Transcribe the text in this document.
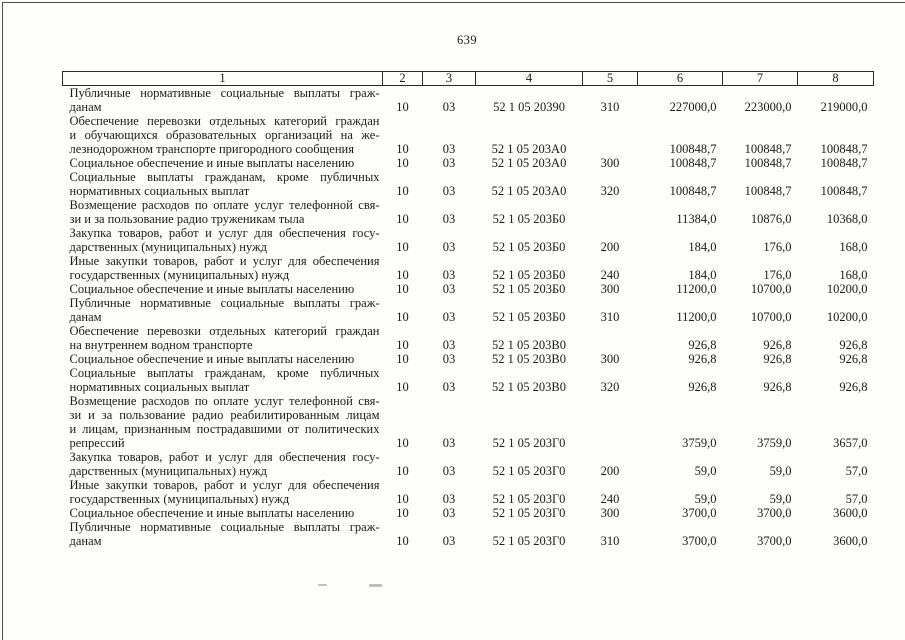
639
1	2	3	4	5	6	7	8

Публичные нормативные социальные выплаты граж-
данам	10	03	52 1 05 20390	310	227000,0	223000,0	219000,0

Обеспечение перевозки отдельных категорий граждан
и обучающихся образовательных организаций на же-
лезнодорожном транспорте пригородного сообщения	10	03	52 1 05 203А0		100848,7	100848,7	100848,7

Социальное обеспечение и иные выплаты населению	10	03	52 1 05 203А0	300	100848,7	100848,7	100848,7

Социальные выплаты гражданам, кроме публичных
нормативных социальных выплат	10	03	52 1 05 203А0	320	100848,7	100848,7	100848,7

Возмещение расходов по оплате услуг телефонной свя-
зи и за пользование радио труженикам тыла	10	03	52 1 05 203Б0		11384,0	10876,0	10368,0

Закупка товаров, работ и услуг для обеспечения госу-
дарственных (муниципальных) нужд	10	03	52 1 05 203Б0	200	184,0	176,0	168,0

Иные закупки товаров, работ и услуг для обеспечения
государственных (муниципальных) нужд	10	03	52 1 05 203Б0	240	184,0	176,0	168,0

Социальное обеспечение и иные выплаты населению	10	03	52 1 05 203Б0	300	11200,0	10700,0	10200,0

Публичные нормативные социальные выплаты граж-
данам	10	03	52 1 05 203Б0	310	11200,0	10700,0	10200,0

Обеспечение перевозки отдельных категорий граждан
на внутреннем водном транспорте	10	03	52 1 05 203В0		926,8	926,8	926,8

Социальное обеспечение и иные выплаты населению	10	03	52 1 05 203В0	300	926,8	926,8	926,8

Социальные выплаты гражданам, кроме публичных
нормативных социальных выплат	10	03	52 1 05 203В0	320	926,8	926,8	926,8

Возмещение расходов по оплате услуг телефонной свя-
зи и за пользование радио реабилитированным лицам
и лицам, признанным пострадавшими от политических
репрессий	10	03	52 1 05 203Г0		3759,0	3759,0	3657,0

Закупка товаров, работ и услуг для обеспечения госу-
дарственных (муниципальных) нужд	10	03	52 1 05 203Г0	200	59,0	59,0	57,0

Иные закупки товаров, работ и услуг для обеспечения
государственных (муниципальных) нужд	10	03	52 1 05 203Г0	240	59,0	59,0	57,0

Социальное обеспечение и иные выплаты населению	10	03	52 1 05 203Г0	300	3700,0	3700,0	3600,0

Публичные нормативные социальные выплаты граж-
данам	10	03	52 1 05 203Г0	310	3700,0	3700,0	3600,0
